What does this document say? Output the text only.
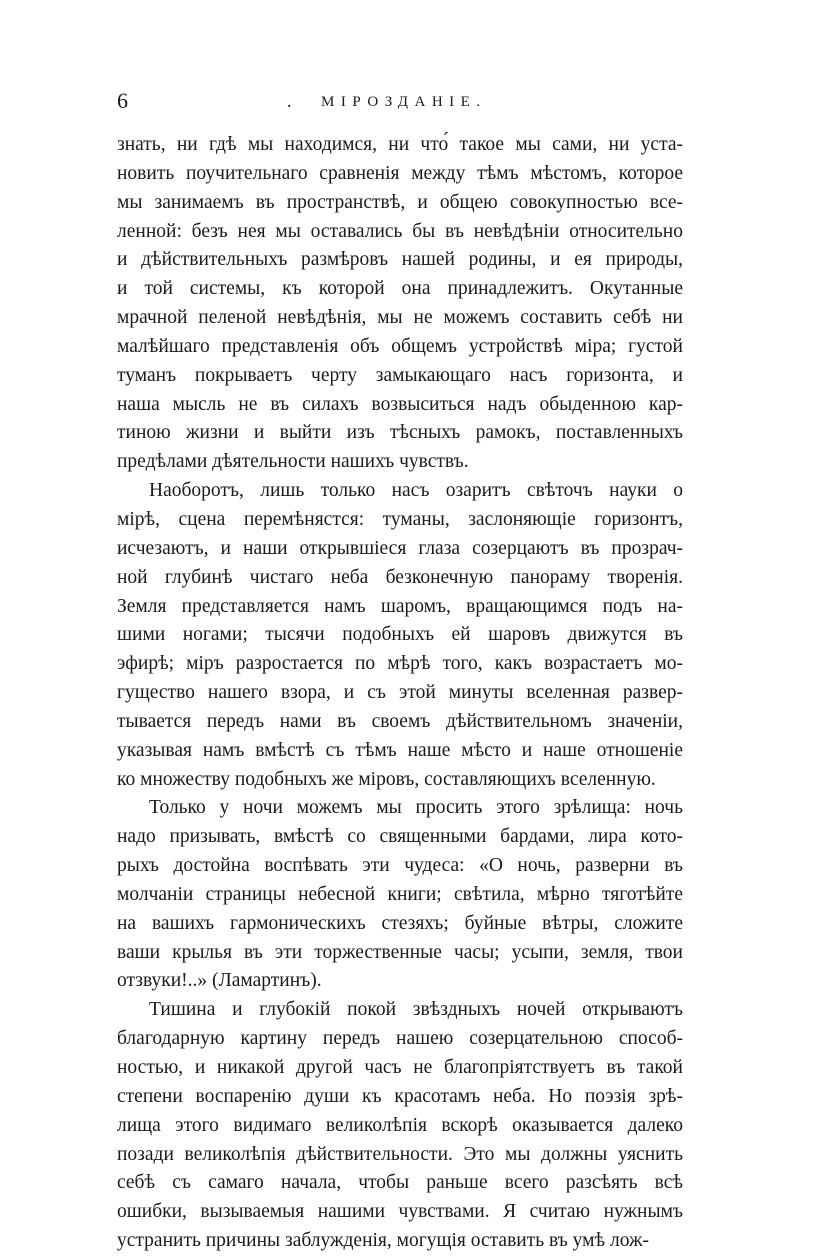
6	. МІРОЗДАНІЕ.
знать, ни гдѣ мы находимся, ни что́ такое мы сами, ни уста-
новить поучительнаго сравненія между тѣмъ мѣстомъ, которое
мы занимаемъ въ пространствѣ, и общею совокупностью все-
ленной: безъ нея мы оставались бы въ невѣдѣніи относительно
и дѣйствительныхъ размѣровъ нашей родины, и ея природы,
и той системы, къ которой она принадлежитъ. Окутанные
мрачной пеленой невѣдѣнія, мы не можемъ составить себѣ ни
малѣйшаго представленія объ общемъ устройствѣ міра; густой
туманъ покрываетъ черту замыкающаго насъ горизонта, и
наша мысль не въ силахъ возвыситься надъ обыденною кар-
тиною жизни и выйти изъ тѣсныхъ рамокъ, поставленныхъ
предѣлами дѣятельности нашихъ чувствъ.
Наоборотъ, лишь только насъ озаритъ свѣточъ науки о
мірѣ, сцена перемѣнястся: туманы, заслоняющіе горизонтъ,
исчезаютъ, и наши открывшіеся глаза созерцаютъ въ прозрач-
ной глубинѣ чистаго неба безконечную панораму творенія.
Земля представляется намъ шаромъ, вращающимся подъ на-
шими ногами; тысячи подобныхъ ей шаровъ движутся въ
эфирѣ; міръ разростается по мѣрѣ того, какъ возрастаетъ мо-
гущество нашего взора, и съ этой минуты вселенная развер-
тывается передъ нами въ своемъ дѣйствительномъ значеніи,
указывая намъ вмѣстѣ съ тѣмъ наше мѣсто и наше отношеніе
ко множеству подобныхъ же міровъ, составляющихъ вселенную.
Только у ночи можемъ мы просить этого зрѣлища: ночь
надо призывать, вмѣстѣ со священными бардами, лира кото-
рыхъ достойна воспѣвать эти чудеса: «О ночь, разверни въ
молчаніи страницы небесной книги; свѣтила, мѣрно тяготѣйте
на вашихъ гармоническихъ стезяхъ; буйные вѣтры, сложите
ваши крылья въ эти торжественные часы; усыпи, земля, твои
отзвуки!..» (Ламартинъ).
Тишина и глубокій покой звѣздныхъ ночей открываютъ
благодарную картину передъ нашею созерцательною способ-
ностью, и никакой другой часъ не благопріятствуетъ въ такой
степени воспаренію души къ красотамъ неба. Но поэзія зрѣ-
лища этого видимаго великолѣпія вскорѣ оказывается далеко
позади великолѣпія дѣйствительности. Это мы должны уяснить
себѣ съ самаго начала, чтобы раньше всего разсѣять всѣ
ошибки, вызываемыя нашими чувствами. Я считаю нужнымъ
устранить причины заблужденія, могущія оставить въ умѣ лож-
